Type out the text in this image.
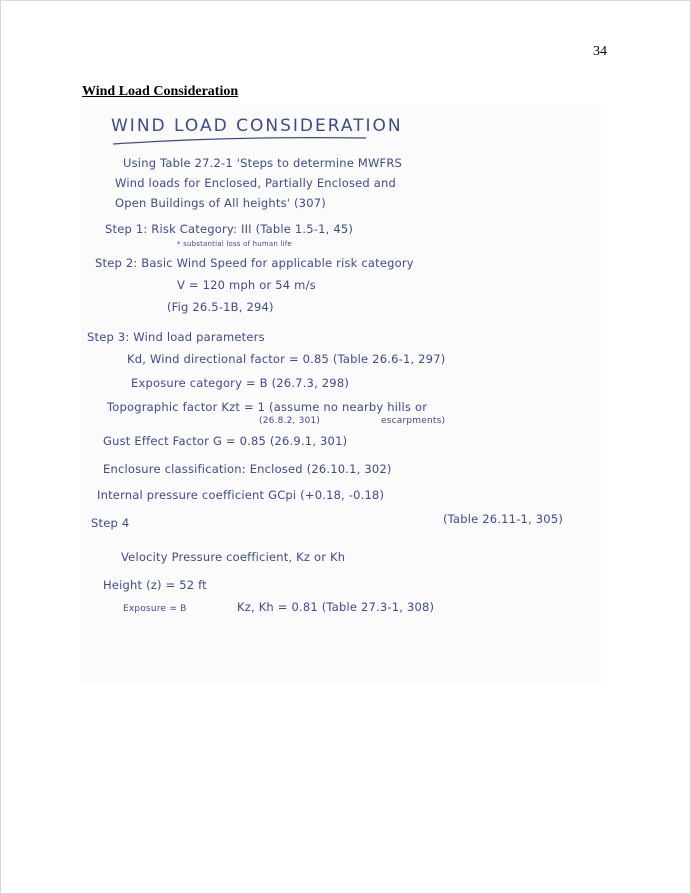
34
Wind Load Consideration
WIND LOAD CONSIDERATION
Using Table 27.2-1 'Steps to determine MWFRS
Wind loads for Enclosed, Partially Enclosed and
Open Buildings of All heights' (307)
Step 1: Risk Category: III (Table 1.5-1, 45)
* substantial loss of human life
Step 2: Basic Wind Speed for applicable risk category
V = 120 mph or 54 m/s
(Fig 26.5-1B, 294)
Step 3: Wind load parameters
Kd, Wind directional factor = 0.85 (Table 26.6-1, 297)
Exposure category = B (26.7.3, 298)
Topographic factor Kzt = 1 (assume no nearby hills or
(26.8.2, 301)	escarpments)
Gust Effect Factor G = 0.85 (26.9.1, 301)
Enclosure classification: Enclosed (26.10.1, 302)
Internal pressure coefficient GCpi (+0.18, -0.18)
(Table 26.11-1, 305)
Step 4
Velocity Pressure coefficient, Kz or Kh
Height (z) = 52 ft
Exposure = B	Kz, Kh = 0.81 (Table 27.3-1, 308)
